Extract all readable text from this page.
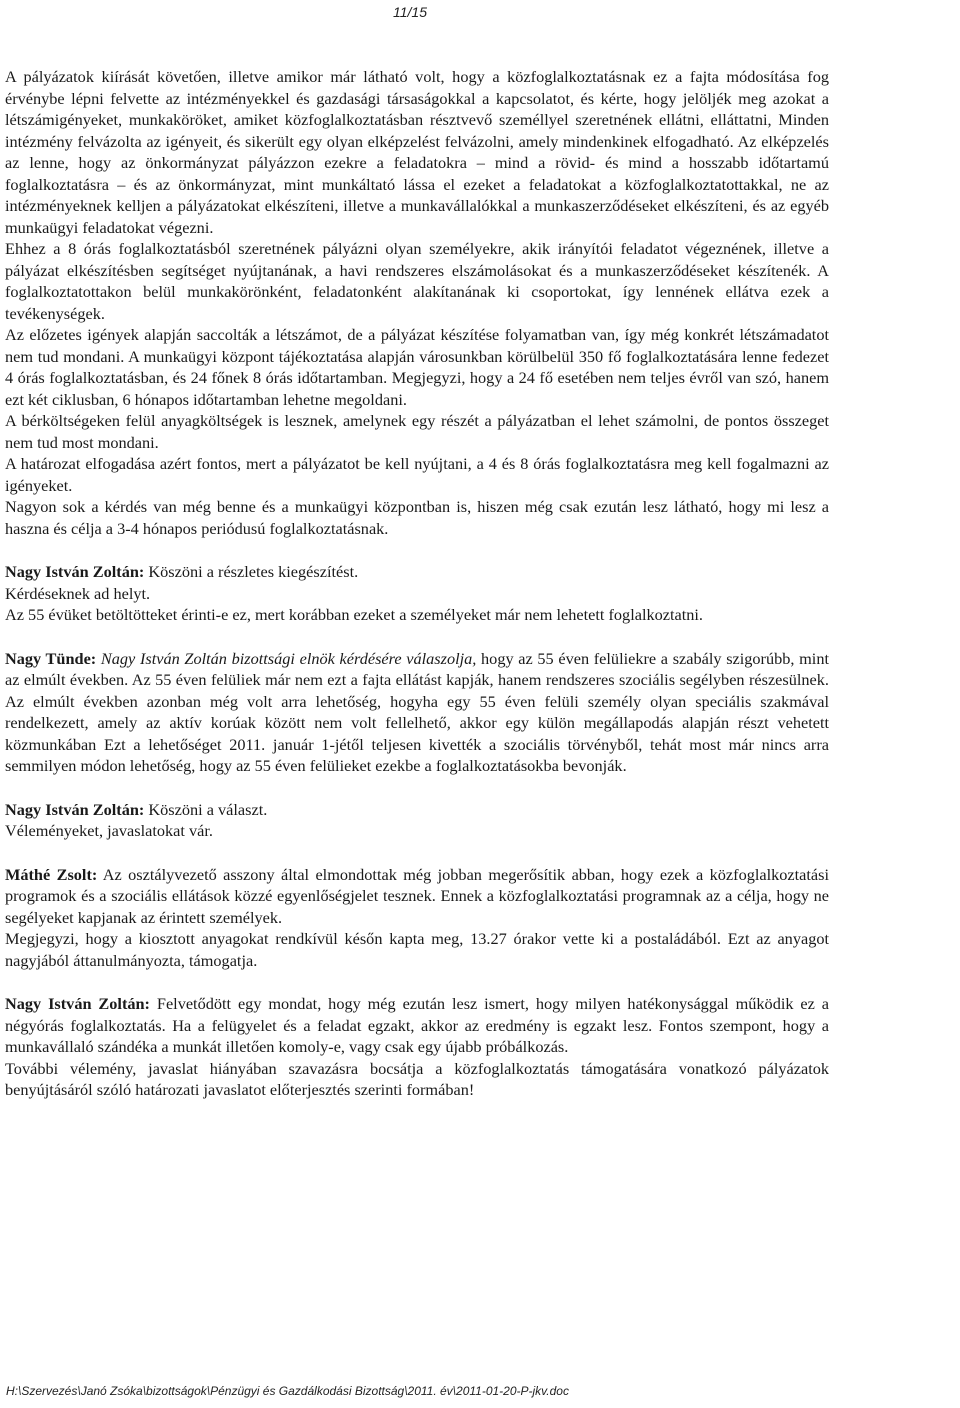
11/15

A pályázatok kiírását követően, illetve amikor már látható volt, hogy a közfoglalkoztatásnak ez a fajta módosítása fog érvénybe lépni felvette az intézményekkel és gazdasági társaságokkal a kapcsolatot, és kérte, hogy jelöljék meg azokat a létszámigényeket, munkaköröket, amiket közfoglalkoztatásban résztvevő személlyel szeretnének ellátni, elláttatni, Minden intézmény felvázolta az igényeit, és sikerült egy olyan elképzelést felvázolni, amely mindenkinek elfogadható. Az elképzelés az lenne, hogy az önkormányzat pályázzon ezekre a feladatokra – mind a rövid- és mind a hosszabb időtartamú foglalkoztatásra – és az önkormányzat, mint munkáltató lássa el ezeket a feladatokat a közfoglalkoztatottakkal, ne az intézményeknek kelljen a pályázatokat elkészíteni, illetve a munkavállalókkal a munkaszerződéseket elkészíteni, és az egyéb munkaügyi feladatokat végezni.

Ehhez a 8 órás foglalkoztatásból szeretnének pályázni olyan személyekre, akik irányítói feladatot végeznének, illetve a pályázat elkészítésben segítséget nyújtanának, a havi rendszeres elszámolásokat és a munkaszerződéseket készítenék. A foglalkoztatottakon belül munkakörönként, feladatonként alakítanának ki csoportokat, így lennének ellátva ezek a tevékenységek.

Az előzetes igények alapján saccolták a létszámot, de a pályázat készítése folyamatban van, így még konkrét létszámadatot nem tud mondani. A munkaügyi központ tájékoztatása alapján városunkban körülbelül 350 fő foglalkoztatására lenne fedezet 4 órás foglalkoztatásban, és 24 főnek 8 órás időtartamban. Megjegyzi, hogy a 24 fő esetében nem teljes évről van szó, hanem ezt két ciklusban, 6 hónapos időtartamban lehetne megoldani.

A bérköltségeken felül anyagköltségek is lesznek, amelynek egy részét a pályázatban el lehet számolni, de pontos összeget nem tud most mondani.

A határozat elfogadása azért fontos, mert a pályázatot be kell nyújtani, a 4 és 8 órás foglalkoztatásra meg kell fogalmazni az igényeket.

Nagyon sok a kérdés van még benne és a munkaügyi központban is, hiszen még csak ezután lesz látható, hogy mi lesz a haszna és célja a 3-4 hónapos periódusú foglalkoztatásnak.

Nagy István Zoltán: Köszöni a részletes kiegészítést.

Kérdéseknek ad helyt.

Az 55 évüket betöltötteket érinti-e ez, mert korábban ezeket a személyeket már nem lehetett foglalkoztatni.

Nagy Tünde: Nagy István Zoltán bizottsági elnök kérdésére válaszolja, hogy az 55 éven felüliekre a szabály szigorúbb, mint az elmúlt években. Az 55 éven felüliek már nem ezt a fajta ellátást kapják, hanem rendszeres szociális segélyben részesülnek. Az elmúlt években azonban még volt arra lehetőség, hogyha egy 55 éven felüli személy olyan speciális szakmával rendelkezett, amely az aktív korúak között nem volt fellelhető, akkor egy külön megállapodás alapján részt vehetett közmunkában Ezt a lehetőséget 2011. január 1-jétől teljesen kivették a szociális törvényből, tehát most már nincs arra semmilyen módon lehetőség, hogy az 55 éven felülieket ezekbe a foglalkoztatásokba bevonják.

Nagy István Zoltán: Köszöni a választ.

Véleményeket, javaslatokat vár.

Máthé Zsolt: Az osztályvezető asszony által elmondottak még jobban megerősítik abban, hogy ezek a közfoglalkoztatási programok és a szociális ellátások közzé egyenlőségjelet tesznek. Ennek a közfoglalkoztatási programnak az a célja, hogy ne segélyeket kapjanak az érintett személyek.

Megjegyzi, hogy a kiosztott anyagokat rendkívül későn kapta meg, 13.27 órakor vette ki a postaládából. Ezt az anyagot nagyjából áttanulmányozta, támogatja.

Nagy István Zoltán: Felvetődött egy mondat, hogy még ezután lesz ismert, hogy milyen hatékonysággal működik ez a négyórás foglalkoztatás. Ha a felügyelet és a feladat egzakt, akkor az eredmény is egzakt lesz. Fontos szempont, hogy a munkavállaló szándéka a munkát illetően komoly-e, vagy csak egy újabb próbálkozás.

További vélemény, javaslat hiányában szavazásra bocsátja a közfoglalkoztatás támogatására vonatkozó pályázatok benyújtásáról szóló határozati javaslatot előterjesztés szerinti formában!

H:\Szervezés\Janó Zsóka\bizottságok\Pénzügyi és Gazdálkodási Bizottság\2011. év\2011-01-20-P-jkv.doc
